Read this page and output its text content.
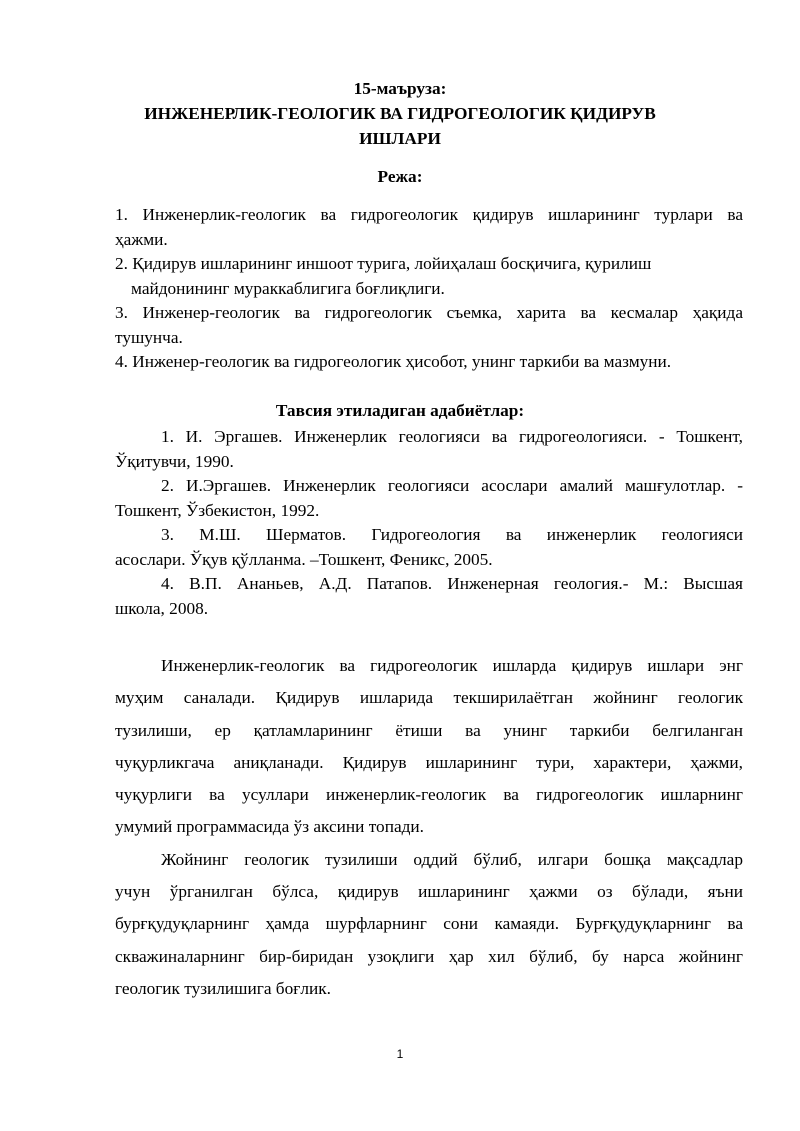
15-маъруза:
ИНЖЕНЕРЛИК-ГЕОЛОГИК ВА ГИДРОГЕОЛОГИК ҚИДИРУВ
ИШЛАРИ
Режа:
1. Инженерлик-геологик ва гидрогеологик қидирув ишларининг турлари ва
ҳажми.
2. Қидирув ишларининг иншоот турига, лойиҳалаш босқичига, қурилиш
майдонининг мураккаблигига боғлиқлиги.
3. Инженер-геологик ва гидрогеологик съемка, харита ва кесмалар ҳақида
тушунча.
4. Инженер-геологик ва гидрогеологик ҳисобот, унинг таркиби ва мазмуни.
Тавсия этиладиган адабиётлар:
1. И. Эргашев. Инженерлик геологияси ва гидрогеологияси. - Тошкент,
Ўқитувчи, 1990.
2. И.Эргашев. Инженерлик геологияси асослари амалий машғулотлар. -
Тошкент, Ўзбекистон, 1992.
3. М.Ш. Шерматов. Гидрогеология ва инженерлик геологияси
асослари. Ўқув қўлланма. –Тошкент, Феникс, 2005.
4. В.П. Ананьев, А.Д. Патапов. Инженерная геология.- М.: Высшая
школа, 2008.
Инженерлик-геологик ва гидрогеологик ишларда қидирув ишлари энг
муҳим саналади. Қидирув ишларида текширилаётган жойнинг геологик
тузилиши, ер қатламларининг ётиши ва унинг таркиби белгиланган
чуқурликгача аниқланади. Қидирув ишларининг тури, характери, ҳажми,
чуқурлиги ва усуллари инженерлик-геологик ва гидрогеологик ишларнинг
умумий программасида ўз аксини топади.
Жойнинг геологик тузилиши оддий бўлиб, илгари бошқа мақсадлар
учун ўрганилган бўлса, қидирув ишларининг ҳажми оз бўлади, яъни
бурғқудуқларнинг ҳамда шурфларнинг сони камаяди. Бурғқудуқларнинг ва
скважиналарнинг бир-биридан узоқлиги ҳар хил бўлиб, бу нарса жойнинг
геологик тузилишига боғлик.
1
